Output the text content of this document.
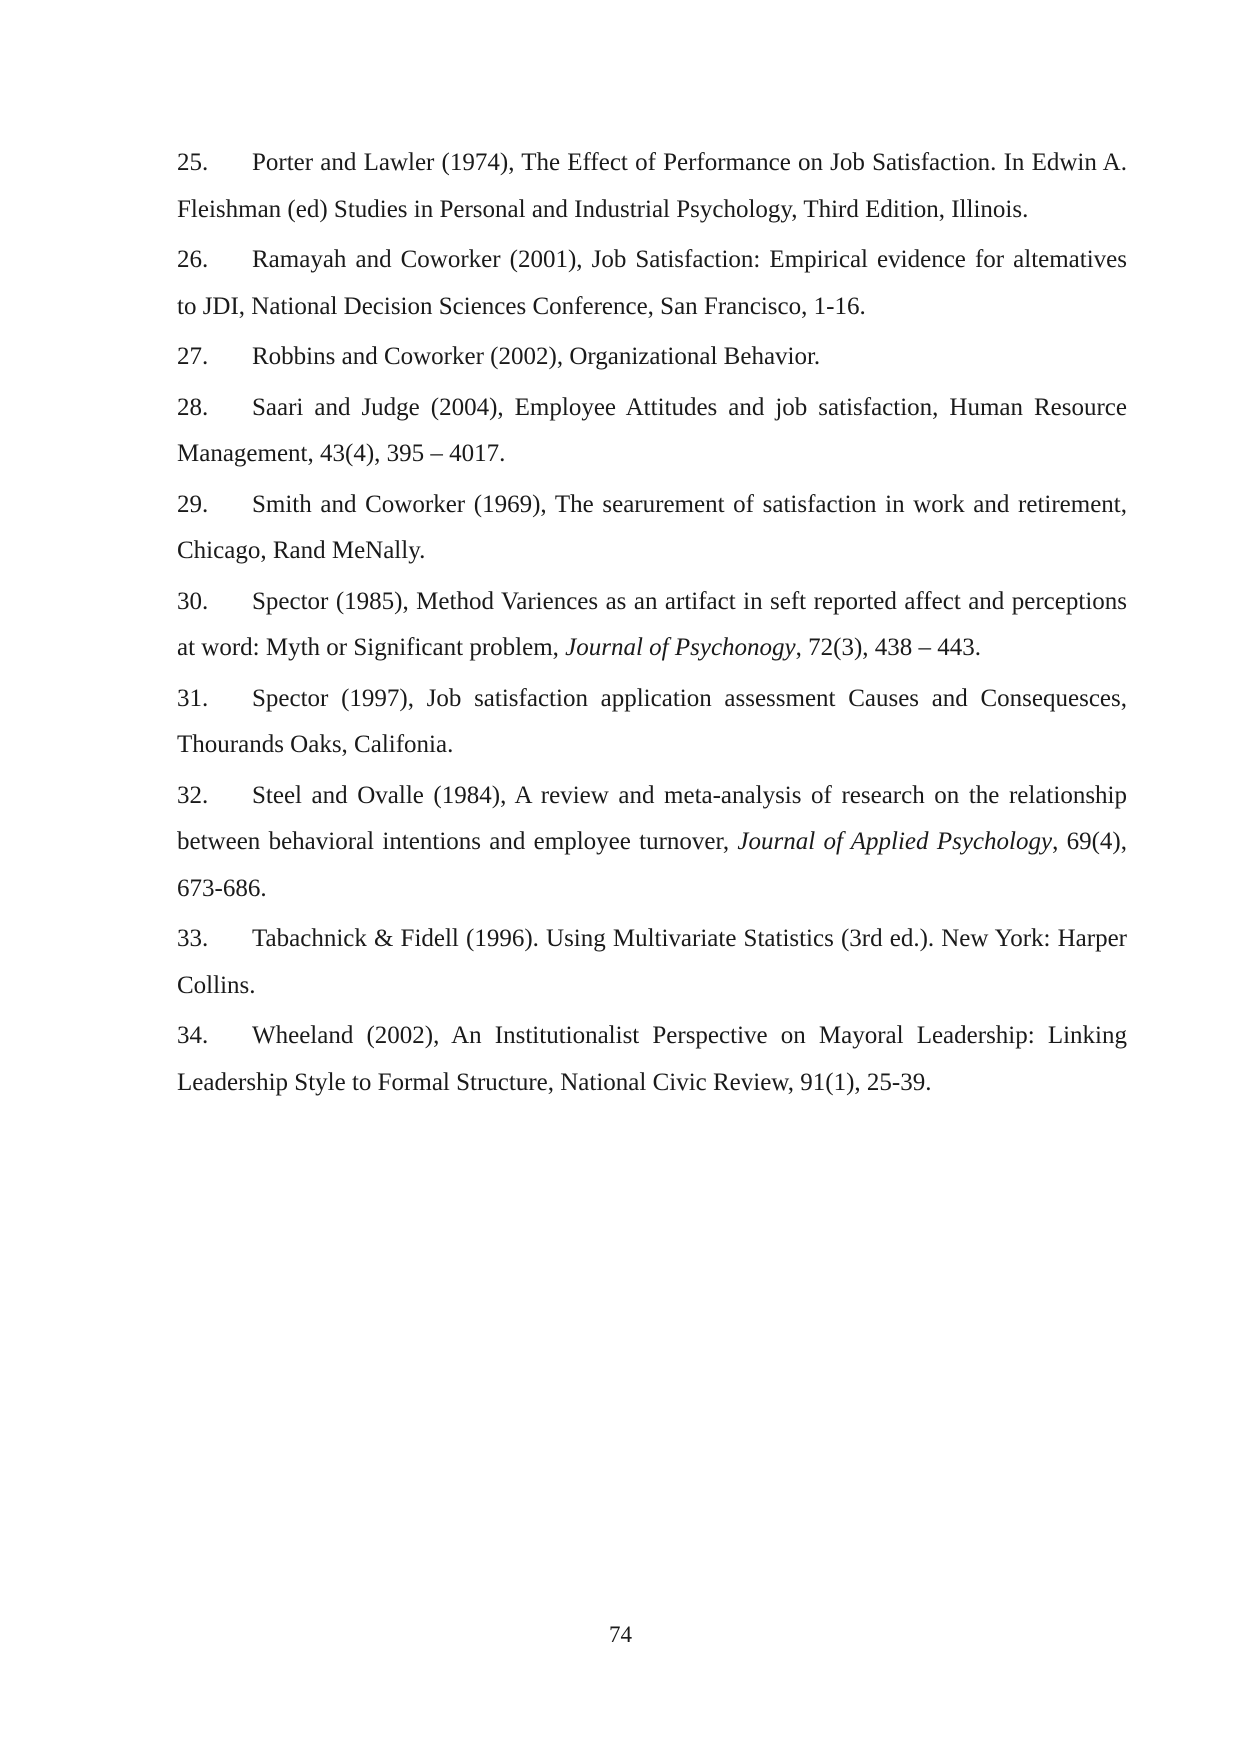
25. Porter and Lawler (1974), The Effect of Performance on Job Satisfaction. In Edwin A. Fleishman (ed) Studies in Personal and Industrial Psychology, Third Edition, Illinois.

26. Ramayah and Coworker (2001), Job Satisfaction: Empirical evidence for altematives to JDI, National Decision Sciences Conference, San Francisco, 1-16.

27. Robbins and Coworker (2002), Organizational Behavior.

28. Saari and Judge (2004), Employee Attitudes and job satisfaction, Human Resource Management, 43(4), 395 – 4017.

29. Smith and Coworker (1969), The searurement of satisfaction in work and retirement, Chicago, Rand MeNally.

30. Spector (1985), Method Variences as an artifact in seft reported affect and perceptions at word: Myth or Significant problem, Journal of Psychonogy, 72(3), 438 – 443.

31. Spector (1997), Job satisfaction application assessment Causes and Consequesces, Thourands Oaks, Califonia.

32. Steel and Ovalle (1984), A review and meta-analysis of research on the relationship between behavioral intentions and employee turnover, Journal of Applied Psychology, 69(4), 673-686.

33. Tabachnick & Fidell (1996). Using Multivariate Statistics (3rd ed.). New York: Harper Collins.

34. Wheeland (2002), An Institutionalist Perspective on Mayoral Leadership: Linking Leadership Style to Formal Structure, National Civic Review, 91(1), 25-39.

74
